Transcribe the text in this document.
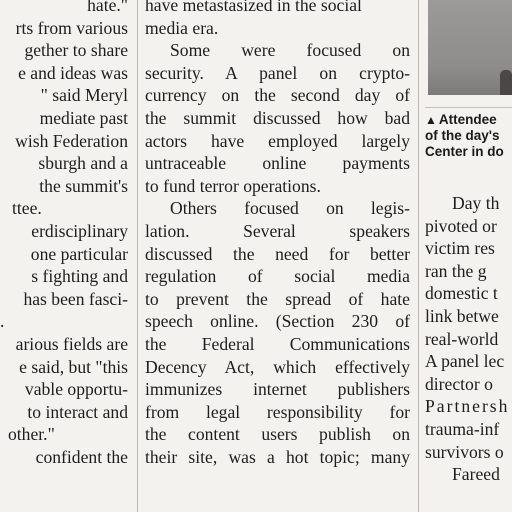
hate."
rts from various
gether to share
e and ideas was
" said Meryl
mediate past
wish Federation
sburgh and a
the summit's
ttee.
erdisciplinary
one particular
s fighting and
has been fasci-
.
arious fields are
e said, but "this
vable opportu-
to interact and
other."
confident the
have metastasized in the social
media era.
Some were focused on
security. A panel on crypto-
currency on the second day of
the summit discussed how bad
actors have employed largely
untraceable online payments
to fund terror operations.
Others focused on legis-
lation. Several speakers
discussed the need for better
regulation of social media
to prevent the spread of hate
speech online. (Section 230 of
the Federal Communications
Decency Act, which effectively
immunizes internet publishers
from legal responsibility for
the content users publish on
their site, was a hot topic; many
▲ Attendee
of the day's
Center in do
Day th
pivoted or
victim res
ran the g
domestic t
link betwe
real-world
A panel lec
director o
Partnersh
trauma-inf
survivors o
Fareed
